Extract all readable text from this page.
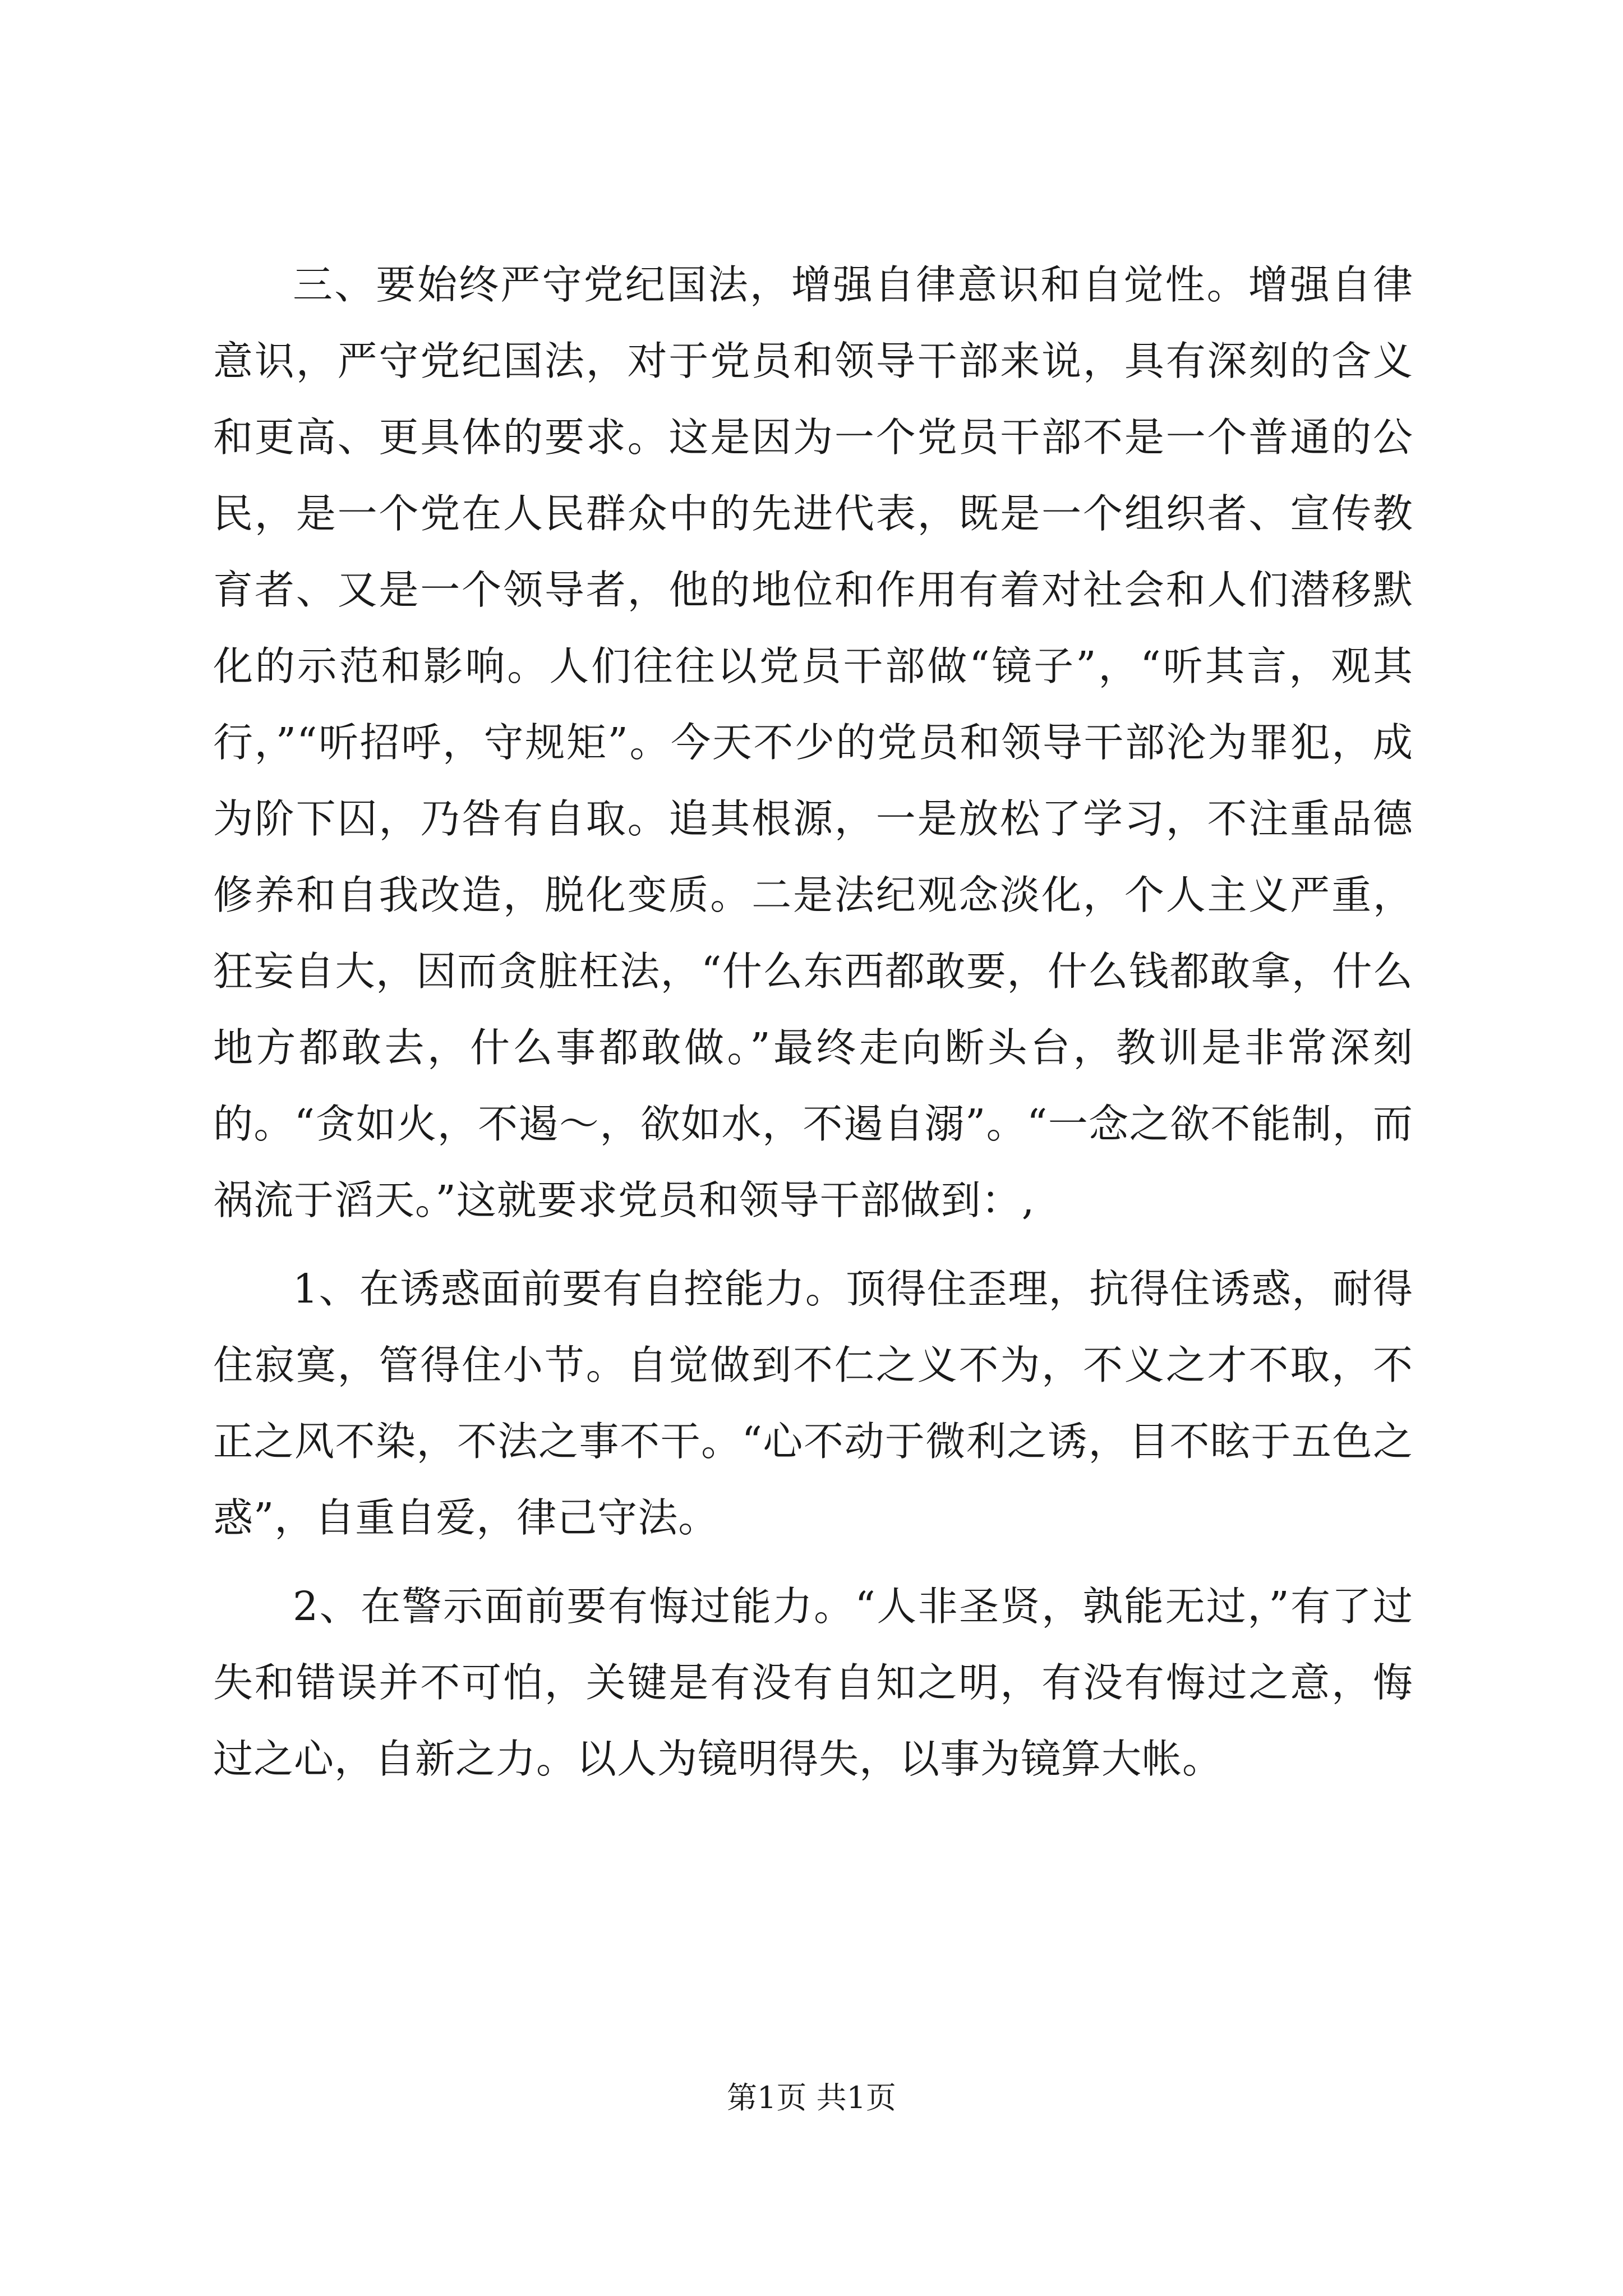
三、要始终严守党纪国法，增强自律意识和自觉性。增强自律意识，严守党纪国法，对于党员和领导干部来说，具有深刻的含义和更高、更具体的要求。这是因为一个党员干部不是一个普通的公民，是一个党在人民群众中的先进代表，既是一个组织者、宣传教育者、又是一个领导者，他的地位和作用有着对社会和人们潜移默化的示范和影响。人们往往以党员干部做“镜子”，“听其言，观其行，”“听招呼，守规矩”。今天不少的党员和领导干部沦为罪犯，成为阶下囚，乃咎有自取。追其根源，一是放松了学习，不注重品德修养和自我改造，脱化变质。二是法纪观念淡化，个人主义严重，狂妄自大，因而贪脏枉法，“什么东西都敢要，什么钱都敢拿，什么地方都敢去，什么事都敢做。”最终走向断头台，教训是非常深刻的。“贪如火，不遏～，欲如水，不遏自溺”。“一念之欲不能制，而祸流于滔天。”这就要求党员和领导干部做到：,

1、在诱惑面前要有自控能力。顶得住歪理，抗得住诱惑，耐得住寂寞，管得住小节。自觉做到不仁之义不为，不义之才不取，不正之风不染，不法之事不干。“心不动于微利之诱，目不眩于五色之惑”，自重自爱，律己守法。

2、在警示面前要有悔过能力。“人非圣贤，孰能无过，”有了过失和错误并不可怕，关键是有没有自知之明，有没有悔过之意，悔过之心，自新之力。以人为镜明得失，以事为镜算大帐。

第1页 共1页
